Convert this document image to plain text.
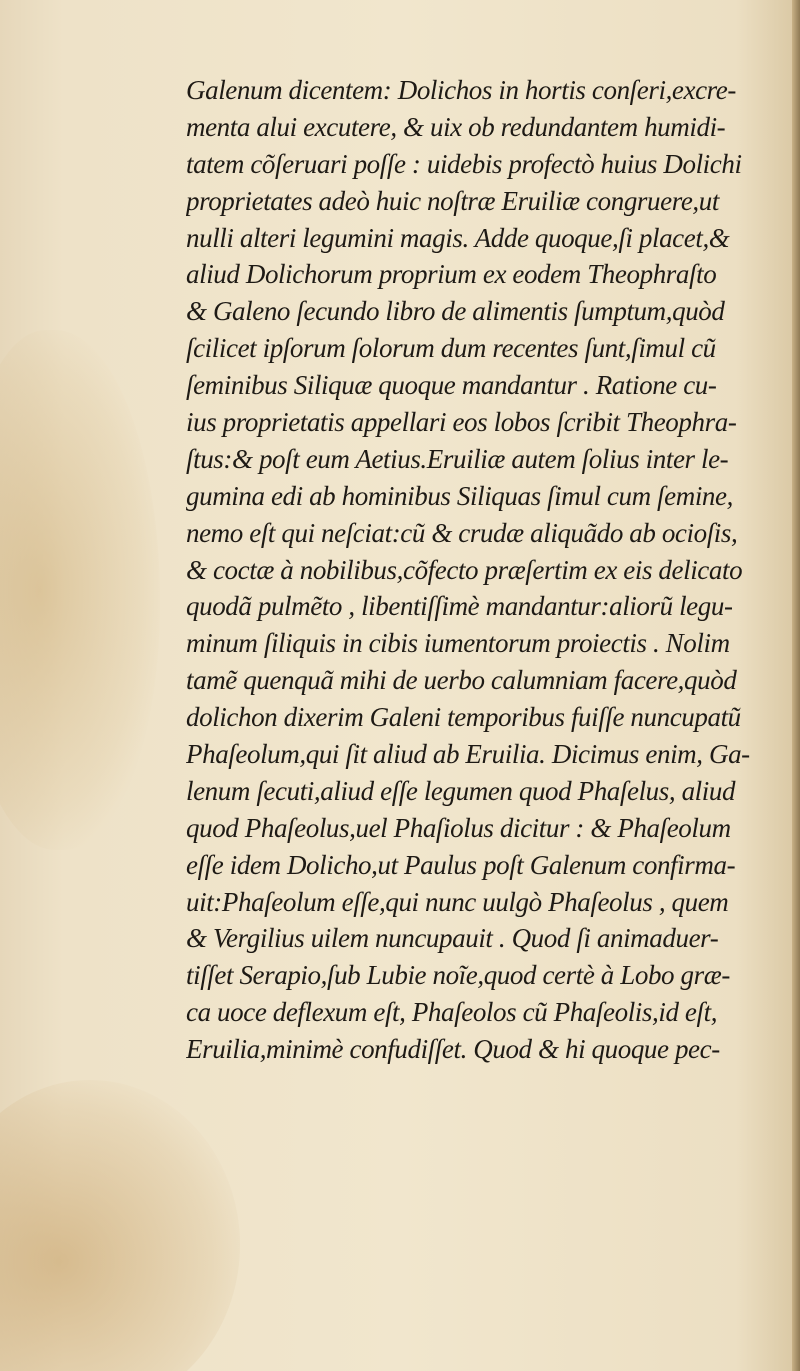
Galenum dicentem: Dolichos in hortis conſeri,excre-
menta alui excutere, & uix ob redundantem humidi-
tatem cõſeruari poſſe : uidebis profectò huius Dolichi
proprietates adeò huic noſtræ Eruiliæ congruere,ut
nulli alteri legumini magis. Adde quoque,ſi placet,&
aliud Dolichorum proprium ex eodem Theophraſto
& Galeno ſecundo libro de alimentis ſumptum,quòd
ſcilicet ipſorum ſolorum dum recentes ſunt,ſimul cũ
ſeminibus Siliquæ quoque mandantur . Ratione cu-
ius proprietatis appellari eos lobos ſcribit Theophra-
ſtus:& poſt eum Aetius.Eruiliæ autem ſolius inter le-
gumina edi ab hominibus Siliquas ſimul cum ſemine,
nemo eſt qui neſciat:cũ & crudæ aliquãdo ab ocioſis,
& coctæ à nobilibus,cõfecto præſertim ex eis delicato
quodã pulmẽto , libentiſſimè mandantur:aliorũ legu-
minum ſiliquis in cibis iumentorum proiectis . Nolim
tamẽ quenquã mihi de uerbo calumniam facere,quòd
dolichon dixerim Galeni temporibus fuiſſe nuncupatũ
Phaſeolum,qui ſit aliud ab Eruilia. Dicimus enim, Ga-
lenum ſecuti,aliud eſſe legumen quod Phaſelus, aliud
quod Phaſeolus,uel Phaſiolus dicitur : & Phaſeolum
eſſe idem Dolicho,ut Paulus poſt Galenum confirma-
uit:Phaſeolum eſſe,qui nunc uulgò Phaſeolus , quem
& Vergilius uilem nuncupauit . Quod ſi animaduer-
tiſſet Serapio,ſub Lubie noĩe,quod certè à Lobo græ-
ca uoce deflexum eſt, Phaſeolos cũ Phaſeolis,id eſt,
Eruilia,minimè confudiſſet. Quod & hi quoque pec-
